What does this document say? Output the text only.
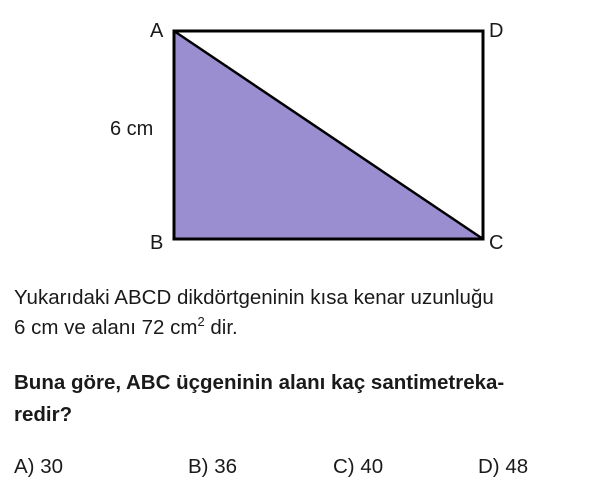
A	D
B	C
6 cm
Yukarıdaki ABCD dikdörtgeninin kısa kenar uzunluğu
6 cm ve alanı 72 $cm^2$ dir.
Buna göre, ABC üçgeninin alanı kaç santimetreka-
redir?
A) 30	B) 36	C) 40	D) 48
